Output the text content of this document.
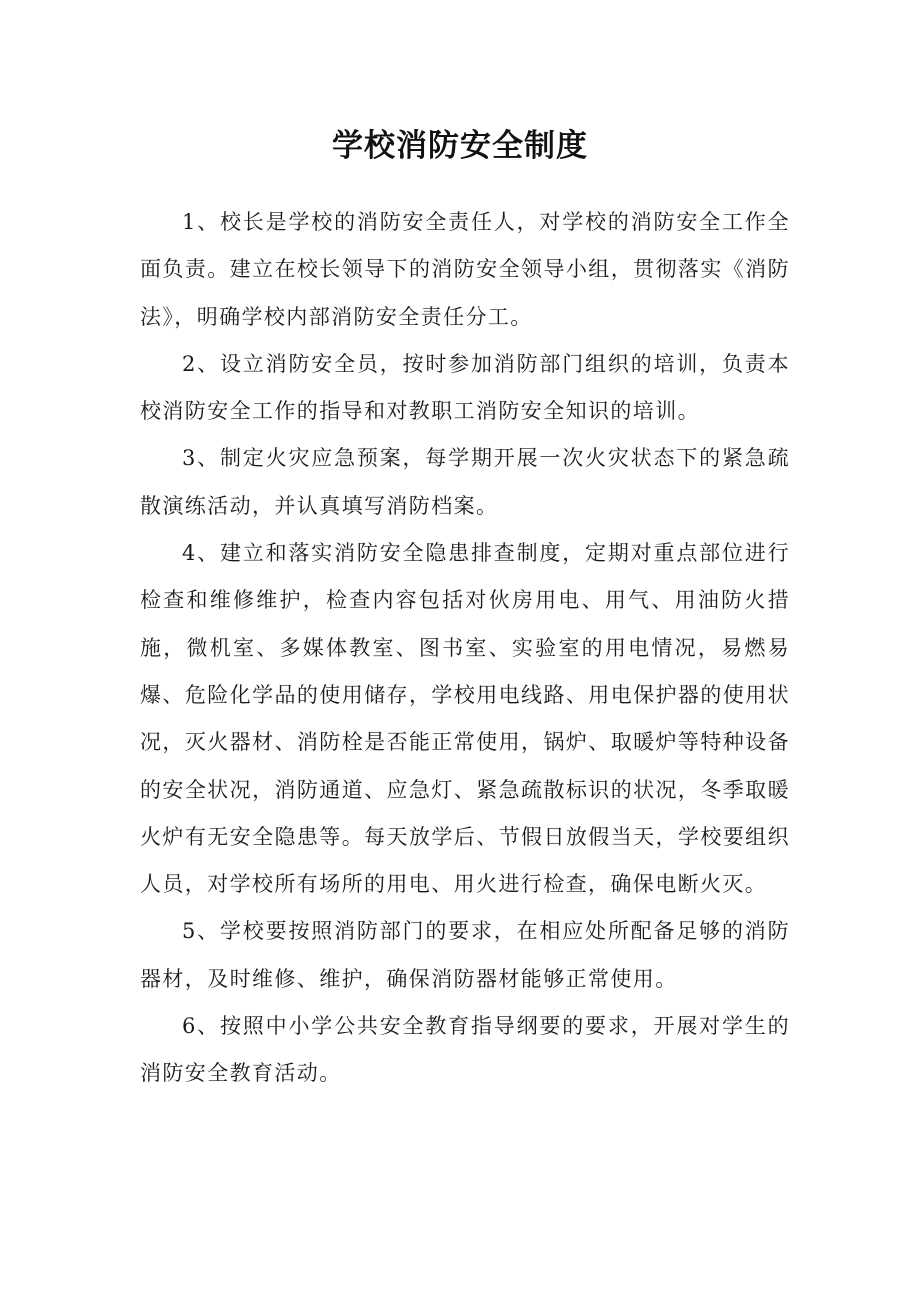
学校消防安全制度

1、校长是学校的消防安全责任人，对学校的消防安全工作全面负责。建立在校长领导下的消防安全领导小组，贯彻落实《消防法》，明确学校内部消防安全责任分工。

2、设立消防安全员，按时参加消防部门组织的培训，负责本校消防安全工作的指导和对教职工消防安全知识的培训。

3、制定火灾应急预案，每学期开展一次火灾状态下的紧急疏散演练活动，并认真填写消防档案。

4、建立和落实消防安全隐患排查制度，定期对重点部位进行检查和维修维护，检查内容包括对伙房用电、用气、用油防火措施，微机室、多媒体教室、图书室、实验室的用电情况，易燃易爆、危险化学品的使用储存，学校用电线路、用电保护器的使用状况，灭火器材、消防栓是否能正常使用，锅炉、取暖炉等特种设备的安全状况，消防通道、应急灯、紧急疏散标识的状况，冬季取暖火炉有无安全隐患等。每天放学后、节假日放假当天，学校要组织人员，对学校所有场所的用电、用火进行检查，确保电断火灭。

5、学校要按照消防部门的要求，在相应处所配备足够的消防器材，及时维修、维护，确保消防器材能够正常使用。

6、按照中小学公共安全教育指导纲要的要求，开展对学生的消防安全教育活动。
